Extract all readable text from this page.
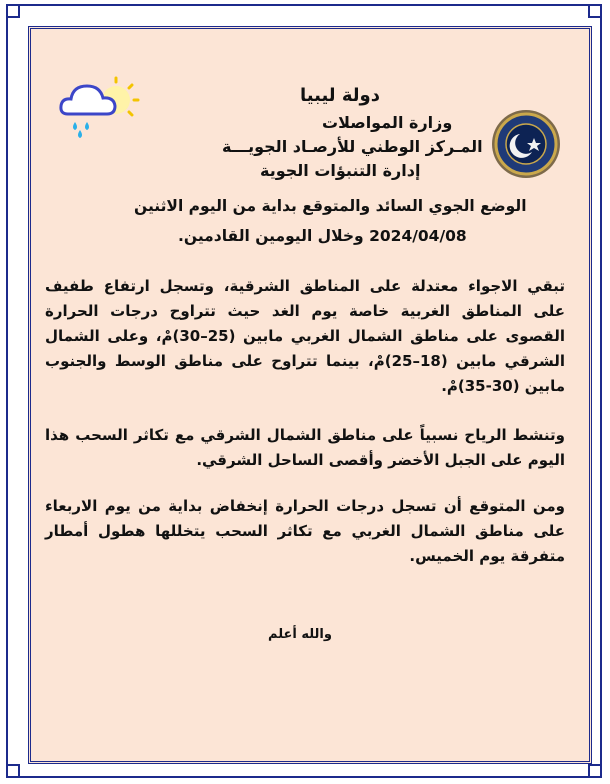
دولة ليبيا
وزارة المواصلات
المـركز الوطني للأرصـاد الجويـــة
إدارة التنبؤات الجوية
الوضع الجوي السائد والمتوقع بداية من اليوم الاثنين
2024/04/08 وخلال اليومين القادمين.
تبقي الاجواء معتدلة على المناطق الشرقية، وتسجل ارتفاع طفيف على المناطق الغربية خاصة يوم الغد حيث تتراوح درجات الحرارة القصوى على مناطق الشمال الغربي مابين (25–30)مْ، وعلى الشمال الشرقي مابين (18–25)مْ، بينما تتراوح على مناطق الوسط والجنوب مابين (30-35)مْ.
وتنشط الرياح نسبياً على مناطق الشمال الشرقي مع تكاثر السحب هذا اليوم على الجبل الأخضر وأقصى الساحل الشرقي.
ومن المتوقع أن تسجل درجات الحرارة إنخفاض بداية من يوم الاربعاء على مناطق الشمال الغربي مع تكاثر السحب يتخللها هطول أمطار متفرقة يوم الخميس.
والله أعلم
